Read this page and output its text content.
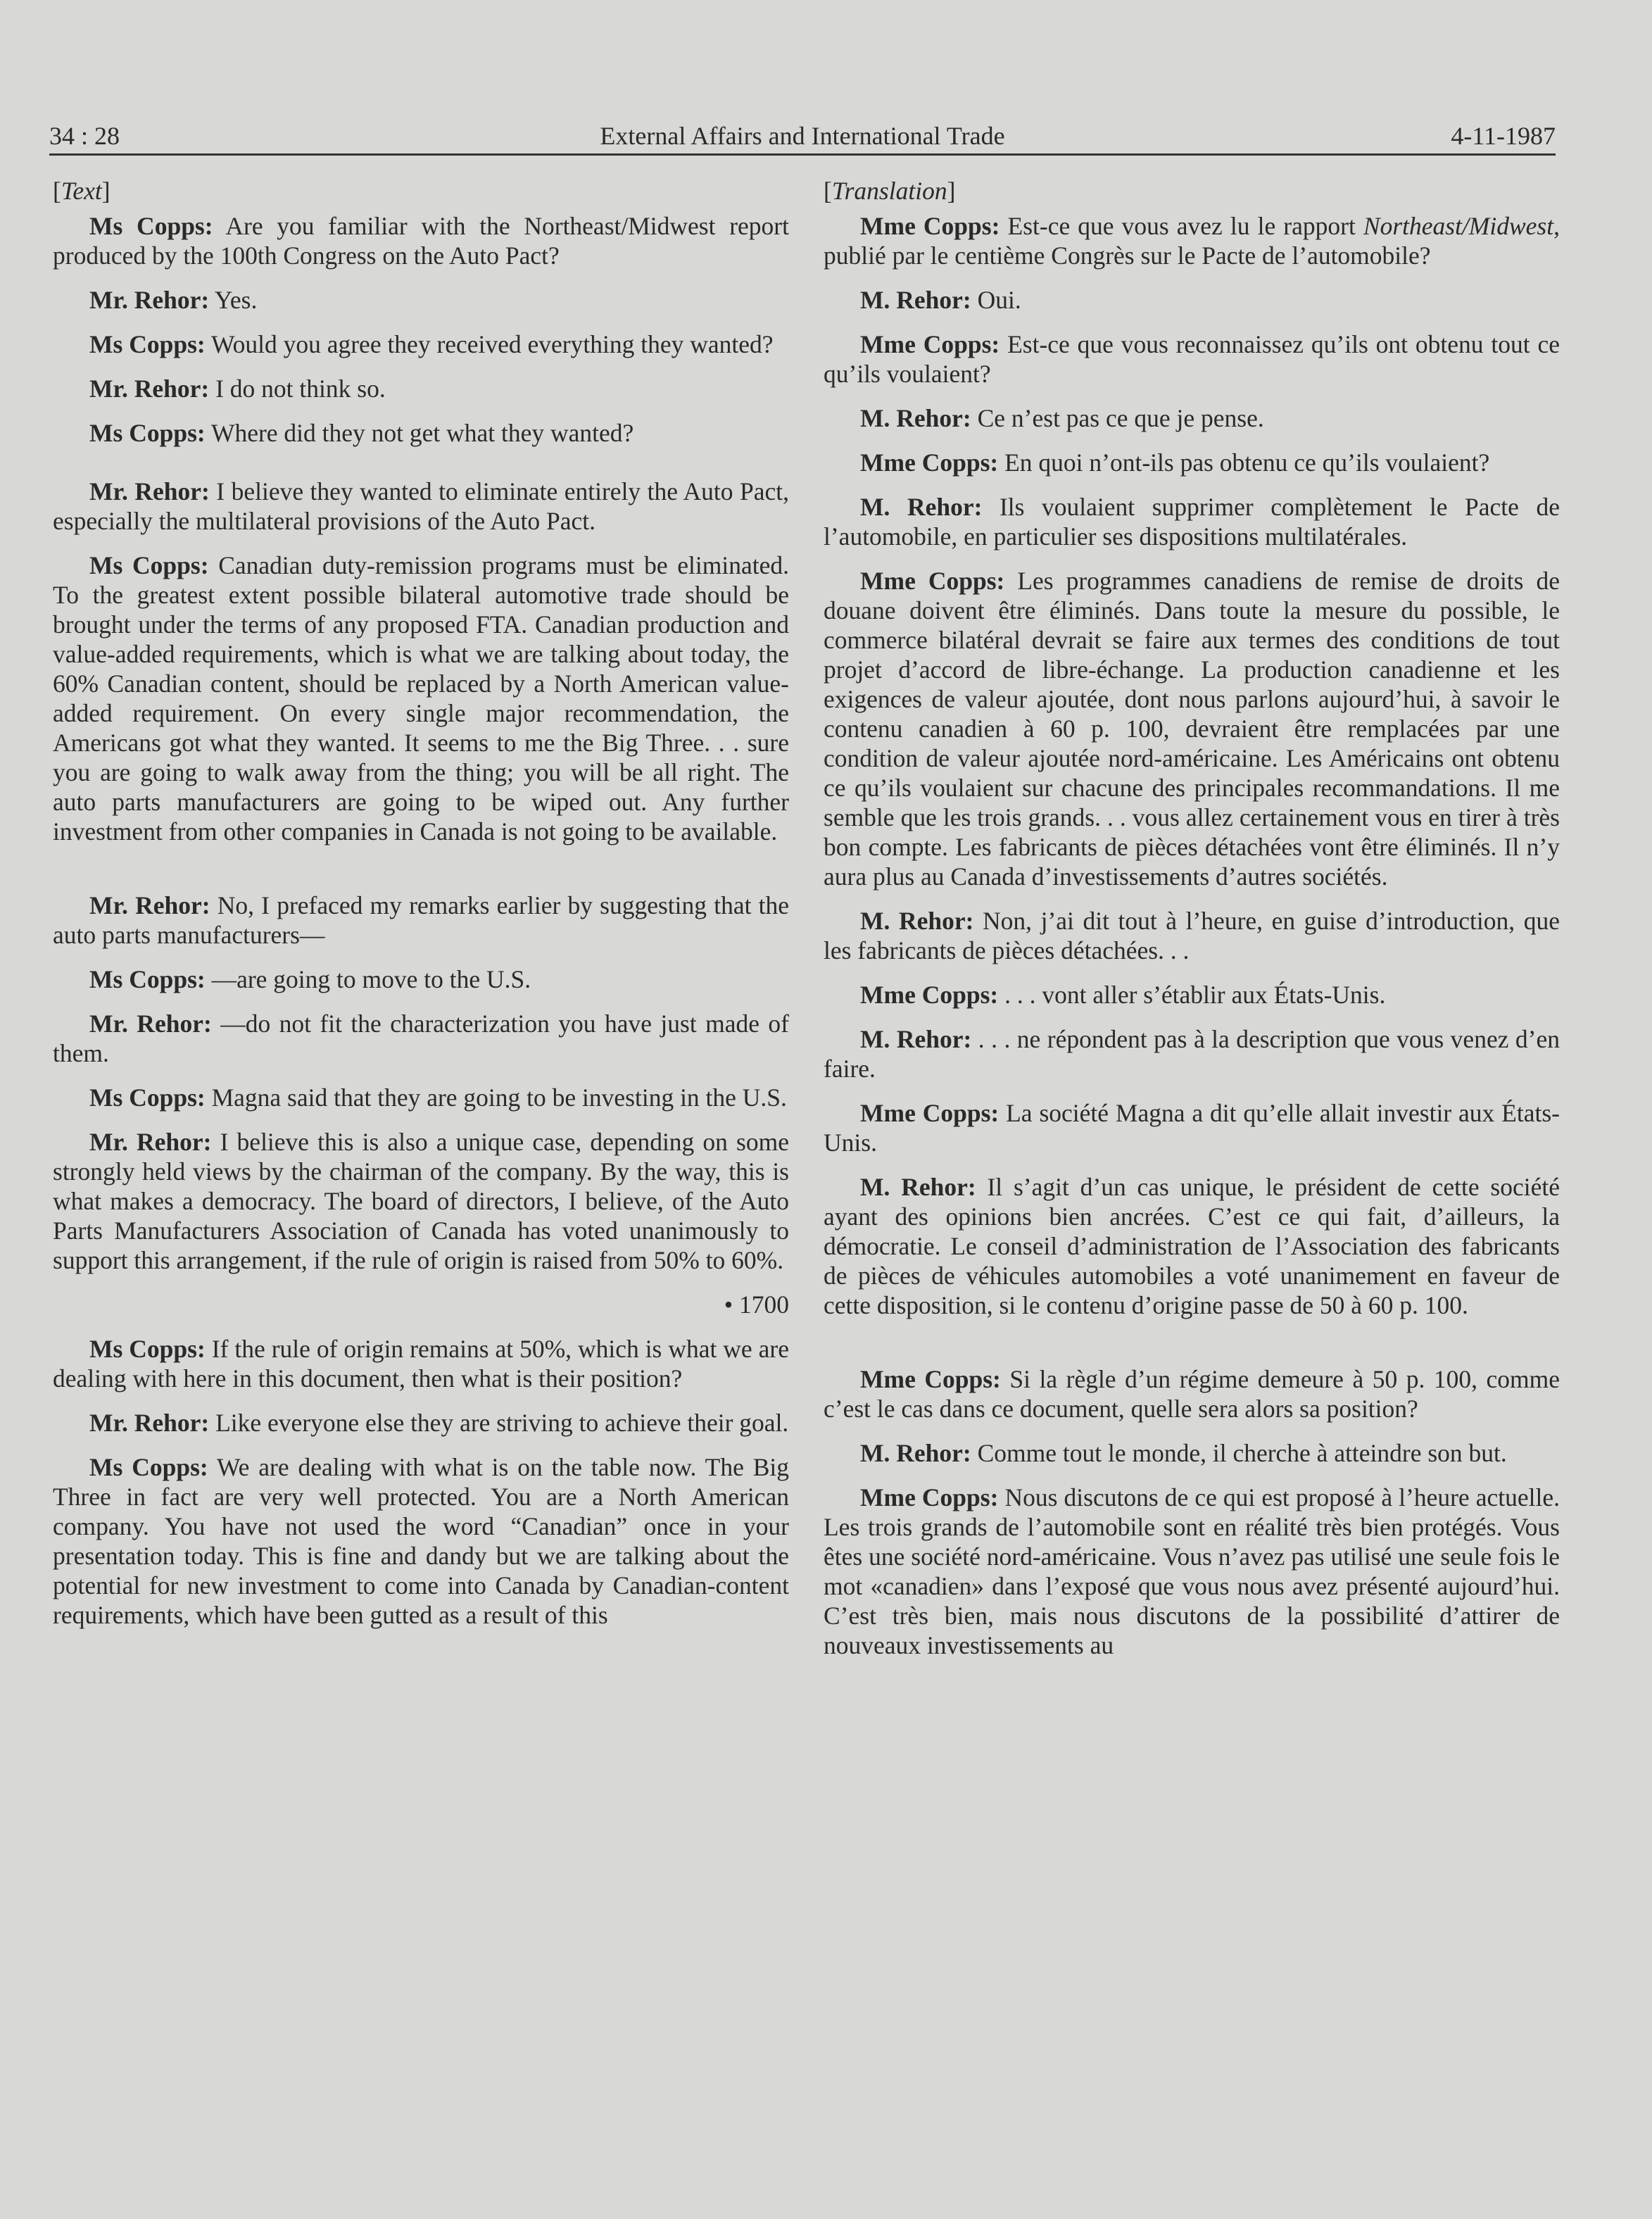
34 : 28	External Affairs and International Trade	4-11-1987

[Text]

Ms Copps: Are you familiar with the Northeast/Midwest report produced by the 100th Congress on the Auto Pact?

Mr. Rehor: Yes.

Ms Copps: Would you agree they received everything they wanted?

Mr. Rehor: I do not think so.

Ms Copps: Where did they not get what they wanted?

Mr. Rehor: I believe they wanted to eliminate entirely the Auto Pact, especially the multilateral provisions of the Auto Pact.

Ms Copps: Canadian duty-remission programs must be eliminated. To the greatest extent possible bilateral automotive trade should be brought under the terms of any proposed FTA. Canadian production and value-added requirements, which is what we are talking about today, the 60% Canadian content, should be replaced by a North American value-added requirement. On every single major recommendation, the Americans got what they wanted. It seems to me the Big Three. . . sure you are going to walk away from the thing; you will be all right. The auto parts manufacturers are going to be wiped out. Any further investment from other companies in Canada is not going to be available.

Mr. Rehor: No, I prefaced my remarks earlier by suggesting that the auto parts manufacturers—

Ms Copps: —are going to move to the U.S.

Mr. Rehor: —do not fit the characterization you have just made of them.

Ms Copps: Magna said that they are going to be investing in the U.S.

Mr. Rehor: I believe this is also a unique case, depending on some strongly held views by the chairman of the company. By the way, this is what makes a democracy. The board of directors, I believe, of the Auto Parts Manufacturers Association of Canada has voted unanimously to support this arrangement, if the rule of origin is raised from 50% to 60%.

• 1700

Ms Copps: If the rule of origin remains at 50%, which is what we are dealing with here in this document, then what is their position?

Mr. Rehor: Like everyone else they are striving to achieve their goal.

Ms Copps: We are dealing with what is on the table now. The Big Three in fact are very well protected. You are a North American company. You have not used the word “Canadian” once in your presentation today. This is fine and dandy but we are talking about the potential for new investment to come into Canada by Canadian-content requirements, which have been gutted as a result of this

[Translation]

Mme Copps: Est-ce que vous avez lu le rapport Northeast/Midwest, publié par le centième Congrès sur le Pacte de l’automobile?

M. Rehor: Oui.

Mme Copps: Est-ce que vous reconnaissez qu’ils ont obtenu tout ce qu’ils voulaient?

M. Rehor: Ce n’est pas ce que je pense.

Mme Copps: En quoi n’ont-ils pas obtenu ce qu’ils voulaient?

M. Rehor: Ils voulaient supprimer complètement le Pacte de l’automobile, en particulier ses dispositions multilatérales.

Mme Copps: Les programmes canadiens de remise de droits de douane doivent être éliminés. Dans toute la mesure du possible, le commerce bilatéral devrait se faire aux termes des conditions de tout projet d’accord de libre-échange. La production canadienne et les exigences de valeur ajoutée, dont nous parlons aujourd’hui, à savoir le contenu canadien à 60 p. 100, devraient être remplacées par une condition de valeur ajoutée nord-américaine. Les Américains ont obtenu ce qu’ils voulaient sur chacune des principales recommandations. Il me semble que les trois grands. . . vous allez certainement vous en tirer à très bon compte. Les fabricants de pièces détachées vont être éliminés. Il n’y aura plus au Canada d’investissements d’autres sociétés.

M. Rehor: Non, j’ai dit tout à l’heure, en guise d’introduction, que les fabricants de pièces détachées. . .

Mme Copps: . . . vont aller s’établir aux États-Unis.

M. Rehor: . . . ne répondent pas à la description que vous venez d’en faire.

Mme Copps: La société Magna a dit qu’elle allait investir aux États-Unis.

M. Rehor: Il s’agit d’un cas unique, le président de cette société ayant des opinions bien ancrées. C’est ce qui fait, d’ailleurs, la démocratie. Le conseil d’administration de l’Association des fabricants de pièces de véhicules automobiles a voté unanimement en faveur de cette disposition, si le contenu d’origine passe de 50 à 60 p. 100.

Mme Copps: Si la règle d’un régime demeure à 50 p. 100, comme c’est le cas dans ce document, quelle sera alors sa position?

M. Rehor: Comme tout le monde, il cherche à atteindre son but.

Mme Copps: Nous discutons de ce qui est proposé à l’heure actuelle. Les trois grands de l’automobile sont en réalité très bien protégés. Vous êtes une société nord-américaine. Vous n’avez pas utilisé une seule fois le mot «canadien» dans l’exposé que vous nous avez présenté aujourd’hui. C’est très bien, mais nous discutons de la possibilité d’attirer de nouveaux investissements au
